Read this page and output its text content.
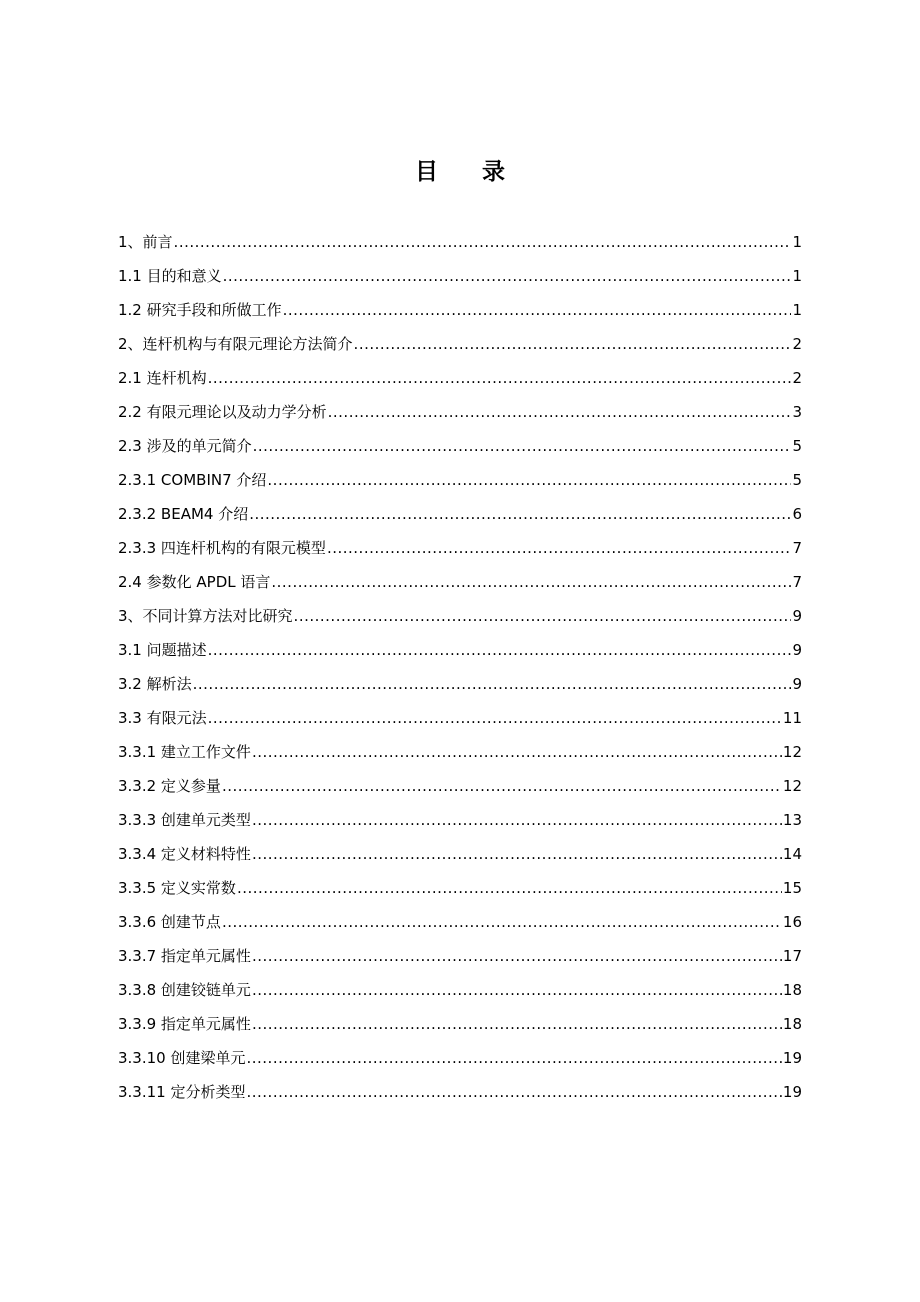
目 录
1、前言 .....	1
1.1 目的和意义 .....	1
1.2 研究手段和所做工作 .....	1
2、连杆机构与有限元理论方法简介 .....	2
2.1 连杆机构 .....	2
2.2 有限元理论以及动力学分析 .....	3
2.3 涉及的单元简介 .....	5
2.3.1 COMBIN7 介绍 .....	5
2.3.2 BEAM4 介绍 .....	6
2.3.3 四连杆机构的有限元模型 .....	7
2.4 参数化 APDL 语言 .....	7
3、不同计算方法对比研究 .....	9
3.1 问题描述 .....	9
3.2 解析法 .....	9
3.3 有限元法 .....	11
3.3.1 建立工作文件 .....	12
3.3.2 定义参量 .....	12
3.3.3 创建单元类型 .....	13
3.3.4 定义材料特性 .....	14
3.3.5 定义实常数 .....	15
3.3.6 创建节点 .....	16
3.3.7 指定单元属性 .....	17
3.3.8 创建铰链单元 .....	18
3.3.9 指定单元属性 .....	18
3.3.10 创建梁单元 .....	19
3.3.11 定分析类型 .....	19
